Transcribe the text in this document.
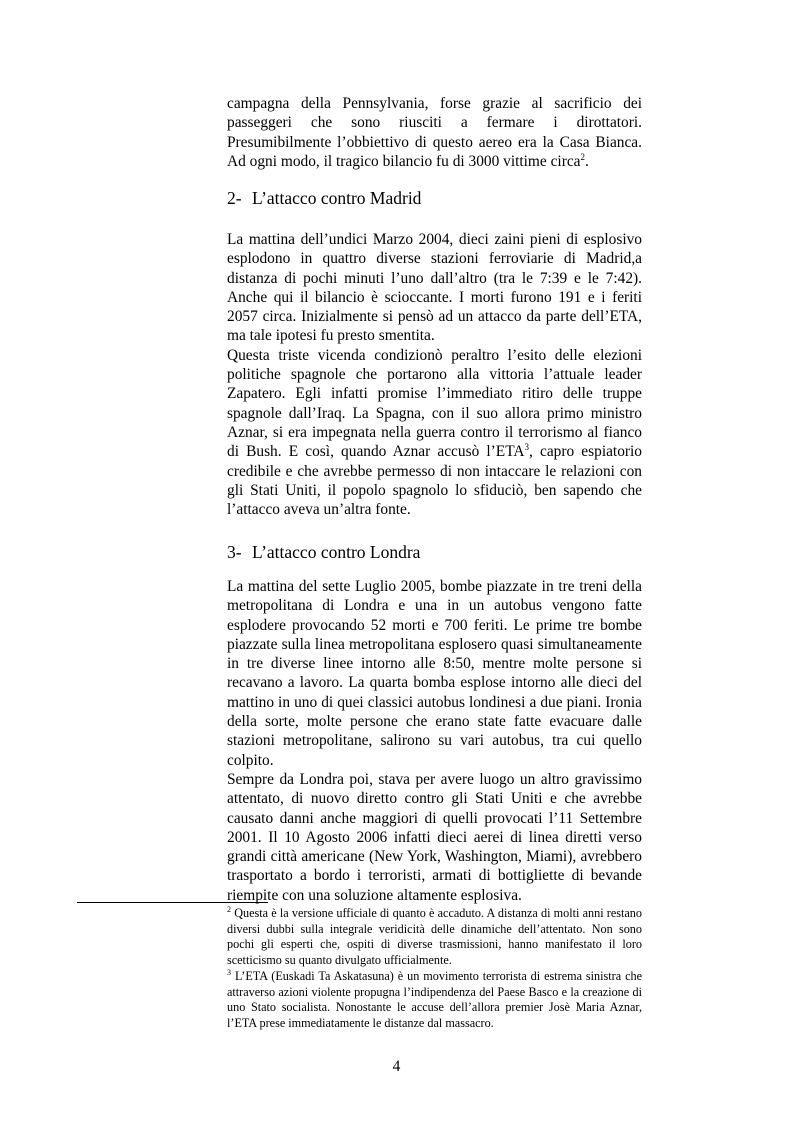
campagna della Pennsylvania, forse grazie al sacrificio dei passeggeri che sono riusciti a fermare i dirottatori. Presumibilmente l’obbiettivo di questo aereo era la Casa Bianca. Ad ogni modo, il tragico bilancio fu di 3000 vittime circa$^2$.

2- L’attacco contro Madrid

La mattina dell’undici Marzo 2004, dieci zaini pieni di esplosivo esplodono in quattro diverse stazioni ferroviarie di Madrid,a distanza di pochi minuti l’uno dall’altro (tra le 7:39 e le 7:42). Anche qui il bilancio è scioccante. I morti furono 191 e i feriti 2057 circa. Inizialmente si pensò ad un attacco da parte dell’ETA, ma tale ipotesi fu presto smentita.

Questa triste vicenda condizionò peraltro l’esito delle elezioni politiche spagnole che portarono alla vittoria l’attuale leader Zapatero. Egli infatti promise l’immediato ritiro delle truppe spagnole dall’Iraq. La Spagna, con il suo allora primo ministro Aznar, si era impegnata nella guerra contro il terrorismo al fianco di Bush. E così, quando Aznar accusò l’ETA$^3$, capro espiatorio credibile e che avrebbe permesso di non intaccare le relazioni con gli Stati Uniti, il popolo spagnolo lo sfiduciò, ben sapendo che l’attacco aveva un’altra fonte.

3- L’attacco contro Londra

La mattina del sette Luglio 2005, bombe piazzate in tre treni della metropolitana di Londra e una in un autobus vengono fatte esplodere provocando 52 morti e 700 feriti. Le prime tre bombe piazzate sulla linea metropolitana esplosero quasi simultaneamente in tre diverse linee intorno alle 8:50, mentre molte persone si recavano a lavoro. La quarta bomba esplose intorno alle dieci del mattino in uno di quei classici autobus londinesi a due piani. Ironia della sorte, molte persone che erano state fatte evacuare dalle stazioni metropolitane, salirono su vari autobus, tra cui quello colpito.

Sempre da Londra poi, stava per avere luogo un altro gravissimo attentato, di nuovo diretto contro gli Stati Uniti e che avrebbe causato danni anche maggiori di quelli provocati l’11 Settembre 2001. Il 10 Agosto 2006 infatti dieci aerei di linea diretti verso grandi città americane (New York, Washington, Miami), avrebbero trasportato a bordo i terroristi, armati di bottigliette di bevande riempite con una soluzione altamente esplosiva.

$^2$ Questa è la versione ufficiale di quanto è accaduto. A distanza di molti anni restano diversi dubbi sulla integrale veridicità delle dinamiche dell’attentato. Non sono pochi gli esperti che, ospiti di diverse trasmissioni, hanno manifestato il loro scetticismo su quanto divulgato ufficialmente.

$^3$ L’ETA (Euskadi Ta Askatasuna) è un movimento terrorista di estrema sinistra che attraverso azioni violente propugna l’indipendenza del Paese Basco e la creazione di uno Stato socialista. Nonostante le accuse dell’allora premier Josè Maria Aznar, l’ETA prese immediatamente le distanze dal massacro.

4
